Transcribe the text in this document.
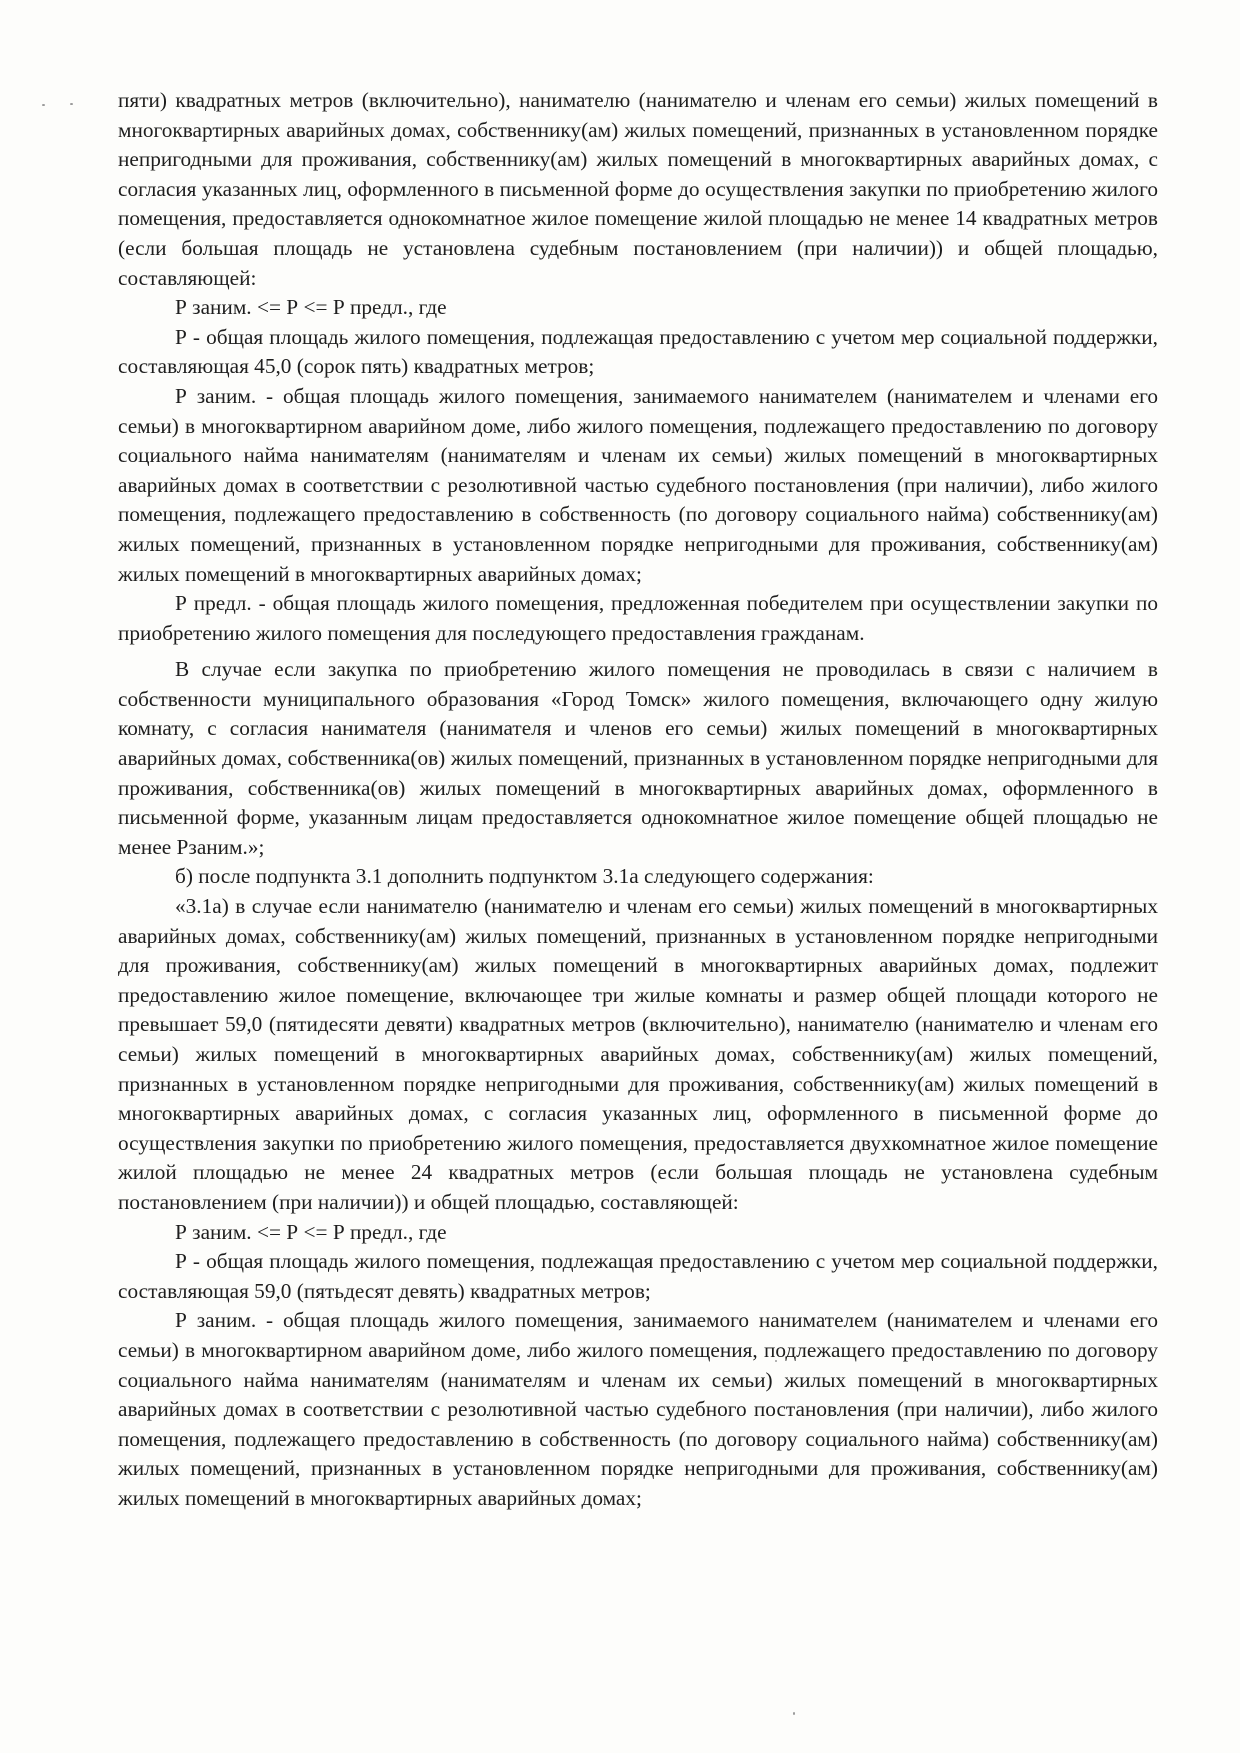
пяти) квадратных метров (включительно), нанимателю (нанимателю и членам его семьи) жилых помещений в многоквартирных аварийных домах, собственнику(ам) жилых помещений, признанных в установленном порядке непригодными для проживания, собственнику(ам) жилых помещений в многоквартирных аварийных домах, с согласия указанных лиц, оформленного в письменной форме до осуществления закупки по приобретению жилого помещения, предоставляется однокомнатное жилое помещение жилой площадью не менее 14 квадратных метров (если большая площадь не установлена судебным постановлением (при наличии)) и общей площадью, составляющей:

Р заним. <= Р <= Р предл., где

Р - общая площадь жилого помещения, подлежащая предоставлению с учетом мер социальной поддержки, составляющая 45,0 (сорок пять) квадратных метров;

Р заним. - общая площадь жилого помещения, занимаемого нанимателем (нанимателем и членами его семьи) в многоквартирном аварийном доме, либо жилого помещения, подлежащего предоставлению по договору социального найма нанимателям (нанимателям и членам их семьи) жилых помещений в многоквартирных аварийных домах в соответствии с резолютивной частью судебного постановления (при наличии), либо жилого помещения, подлежащего предоставлению в собственность (по договору социального найма) собственнику(ам) жилых помещений, признанных в установленном порядке непригодными для проживания, собственнику(ам) жилых помещений в многоквартирных аварийных домах;

Р предл. - общая площадь жилого помещения, предложенная победителем при осуществлении закупки по приобретению жилого помещения для последующего предоставления гражданам.

В случае если закупка по приобретению жилого помещения не проводилась в связи с наличием в собственности муниципального образования «Город Томск» жилого помещения, включающего одну жилую комнату, с согласия нанимателя (нанимателя и членов его семьи) жилых помещений в многоквартирных аварийных домах, собственника(ов) жилых помещений, признанных в установленном порядке непригодными для проживания, собственника(ов) жилых помещений в многоквартирных аварийных домах, оформленного в письменной форме, указанным лицам предоставляется однокомнатное жилое помещение общей площадью не менее Рзаним.»;

б) после подпункта 3.1 дополнить подпунктом 3.1а следующего содержания:

«3.1а) в случае если нанимателю (нанимателю и членам его семьи) жилых помещений в многоквартирных аварийных домах, собственнику(ам) жилых помещений, признанных в установленном порядке непригодными для проживания, собственнику(ам) жилых помещений в многоквартирных аварийных домах, подлежит предоставлению жилое помещение, включающее три жилые комнаты и размер общей площади которого не превышает 59,0 (пятидесяти девяти) квадратных метров (включительно), нанимателю (нанимателю и членам его семьи) жилых помещений в многоквартирных аварийных домах, собственнику(ам) жилых помещений, признанных в установленном порядке непригодными для проживания, собственнику(ам) жилых помещений в многоквартирных аварийных домах, с согласия указанных лиц, оформленного в письменной форме до осуществления закупки по приобретению жилого помещения, предоставляется двухкомнатное жилое помещение жилой площадью не менее 24 квадратных метров (если большая площадь не установлена судебным постановлением (при наличии)) и общей площадью, составляющей:

Р заним. <= Р <= Р предл., где

Р - общая площадь жилого помещения, подлежащая предоставлению с учетом мер социальной поддержки, составляющая 59,0 (пятьдесят девять) квадратных метров;

Р заним. - общая площадь жилого помещения, занимаемого нанимателем (нанимателем и членами его семьи) в многоквартирном аварийном доме, либо жилого помещения, подлежащего предоставлению по договору социального найма нанимателям (нанимателям и членам их семьи) жилых помещений в многоквартирных аварийных домах в соответствии с резолютивной частью судебного постановления (при наличии), либо жилого помещения, подлежащего предоставлению в собственность (по договору социального найма) собственнику(ам) жилых помещений, признанных в установленном порядке непригодными для проживания, собственнику(ам) жилых помещений в многоквартирных аварийных домах;
